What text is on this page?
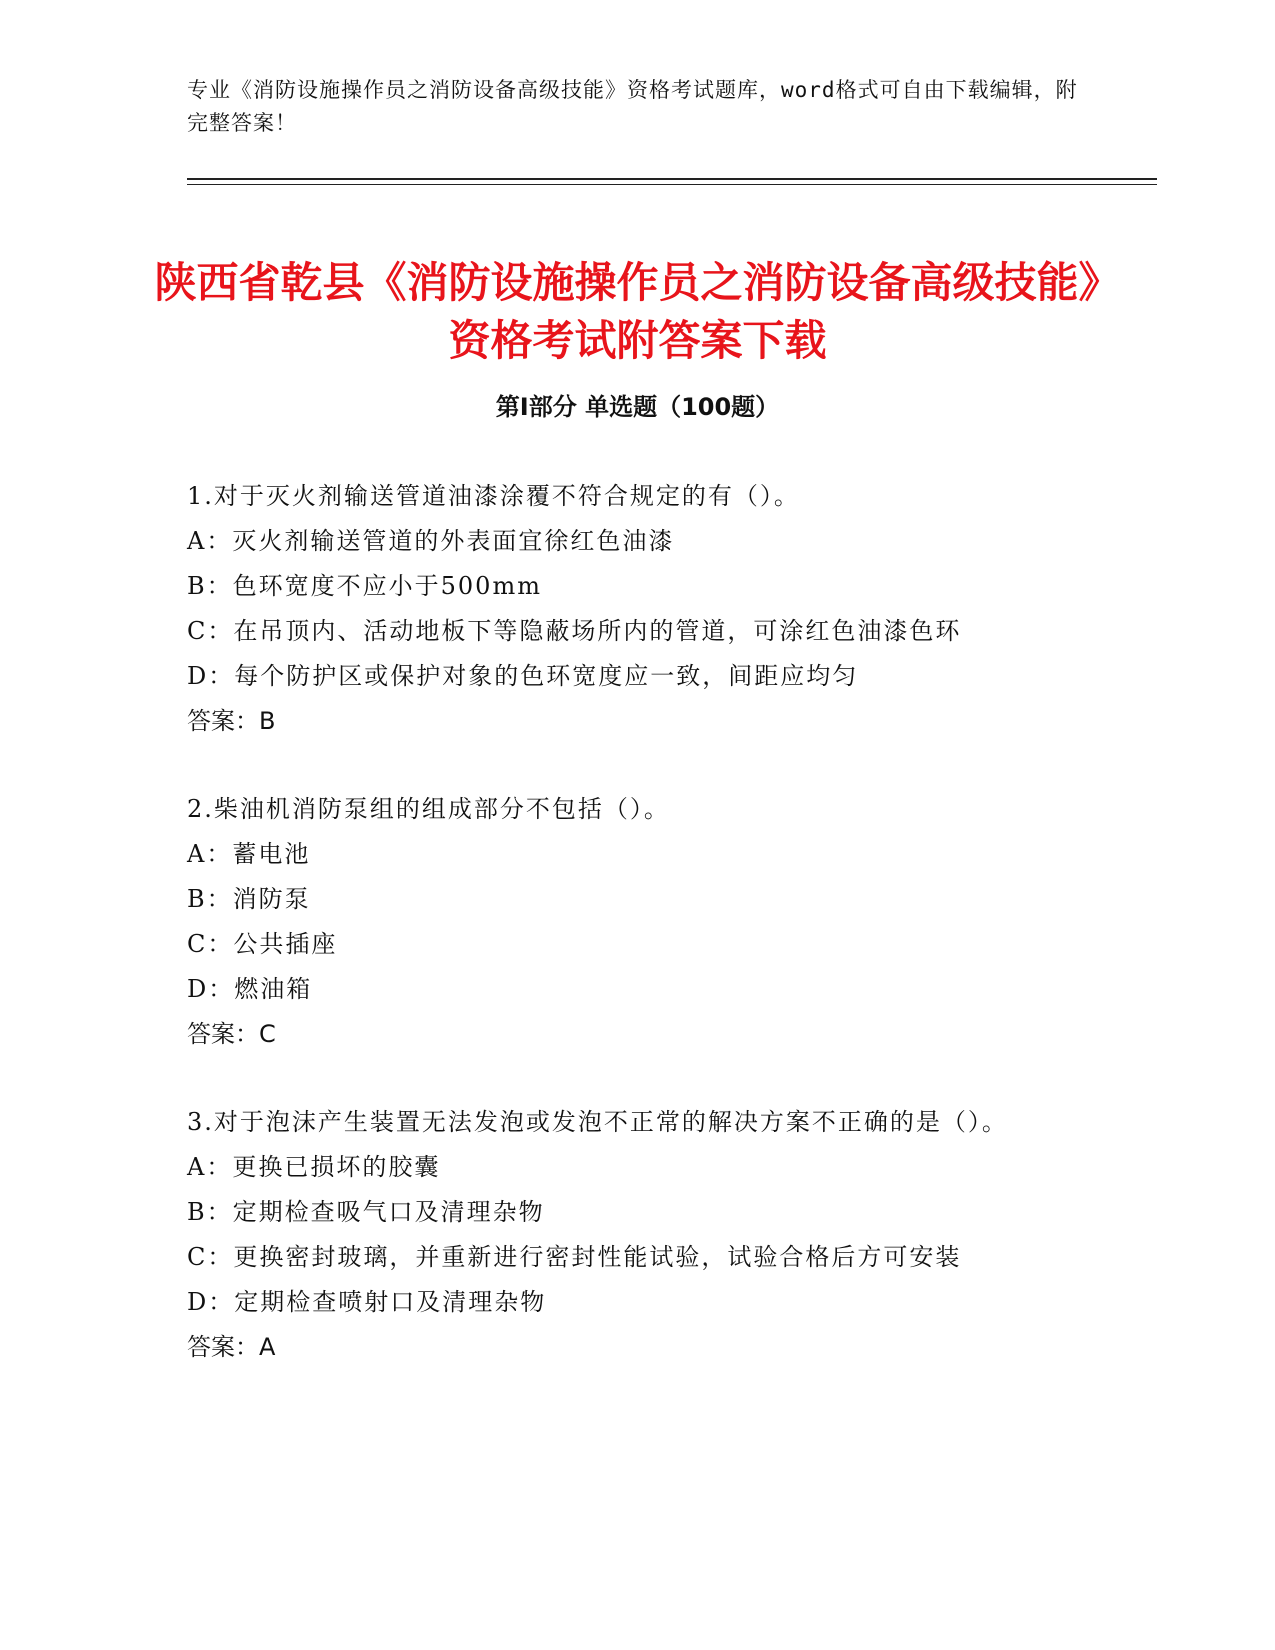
专业《消防设施操作员之消防设备高级技能》资格考试题库，word格式可自由下载编辑，附完整答案！
陕西省乾县《消防设施操作员之消防设备高级技能》资格考试附答案下载
第I部分 单选题（100题）
1.对于灭火剂输送管道油漆涂覆不符合规定的有（）。
A：灭火剂输送管道的外表面宜徐红色油漆
B：色环宽度不应小于500mm
C：在吊顶内、活动地板下等隐蔽场所内的管道，可涂红色油漆色环
D：每个防护区或保护对象的色环宽度应一致，间距应均匀
答案：B
2.柴油机消防泵组的组成部分不包括（）。
A：蓄电池
B：消防泵
C：公共插座
D：燃油箱
答案：C
3.对于泡沫产生装置无法发泡或发泡不正常的解决方案不正确的是（）。
A：更换已损坏的胶囊
B：定期检查吸气口及清理杂物
C：更换密封玻璃，并重新进行密封性能试验，试验合格后方可安装
D：定期检查喷射口及清理杂物
答案：A
